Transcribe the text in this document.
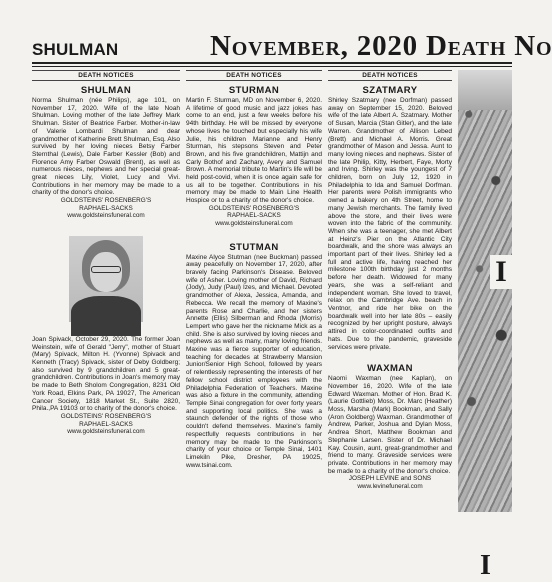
SHULMAN	November, 2020 Death No
DEATH NOTICES
SHULMAN

Norma Shulman (née Philips), age 101, on November 17, 2020. Wife of the late Noah Shulman. Loving mother of the late Jeffrey Mark Shulman. Sister of Beatrice Farber. Mother-in-law of Valerie Lombardi Shulman and dear grandmother of Katherine Brett Shulman, Esq. Also survived by her loving nieces Betsy Farber Sternthal (Lewis), Dale Farber Kessler (Bob) and Florence Amy Farber Oswald (Brent), as well as numerous nieces, nephews and her special great-great nieces Lily, Violet, Lucy and Vivi. Contributions in her memory may be made to a charity of the donor's choice.

GOLDSTEINS' ROSENBERG'S
RAPHAEL-SACKS
www.goldsteinsfuneral.com

Joan Spivack, October 29, 2020. The former Joan Weinstein, wife of Gerald "Jerry", mother of Stuart (Mary) Spivack, Milton H. (Yvonne) Spivack and Kenneth (Tracy) Spivack, sister of Deby Goldberg; also survived by 9 grandchildren and 5 great-grandchildren. Contributions in Joan's memory may be made to Beth Sholom Congregation, 8231 Old York Road, Elkins Park, PA 19027, The American Cancer Society, 1818 Market St., Suite 2820, Phila.,PA 19103 or to charity of the donor's choice.

GOLDSTEINS' ROSENBERG'S
RAPHAEL-SACKS
www.goldsteinsfuneral.com
DEATH NOTICES
STURMAN

Martin F. Sturman, MD on November 6, 2020. A lifetime of good music and jazz jokes has come to an end, just a few weeks before his 94th birthday. He will be missed by everyone whose lives he touched but especially his wife Julie, his children Marianne and Henry Sturman, his stepsons Steven and Peter Brown, and his five grandchildren, Mattijn and Carly Bothof and Zachary, Avery and Samuel Brown. A memorial tribute to Martin's life will be held post-covid, when it is once again safe for us all to be together. Contributions in his memory may be made to Main Line Health Hospice or to a charity of the donor's choice.

GOLDSTEINS' ROSENBERG'S
RAPHAEL-SACKS
www.goldsteinsfuneral.com
STUTMAN

Maxine Alyce Stutman (nee Buckman) passed away peacefully on November 17, 2020, after bravely facing Parkinson's Disease. Beloved wife of Asher. Loving mother of David, Richard (Jody), Judy (Paul) Izes, and Michael. Devoted grandmother of Alexa, Jessica, Amanda, and Rebecca. We recall the memory of Maxine's parents Rose and Charlie, and her sisters Annette (Ellis) Silberman and Rhoda (Morris) Lempert who gave her the nickname Mick as a child. She is also survived by loving nieces and nephews as well as many, many loving friends. Maxine was a fierce supporter of education, teaching for decades at Strawberry Mansion Junior/Senior High School, followed by years of relentlessly representing the interests of her fellow school district employees with the Philadelphia Federation of Teachers. Maxine was also a fixture in the community, attending Temple Sinai congregation for over forty years and supporting local politics. She was a staunch defender of the rights of those who couldn't defend themselves. Maxine's family respectfully requests contributions in her memory may be made to the Parkinson's charity of your choice or Temple Sinai, 1401 Limekiln Pike, Dresher, PA 19025, www.tsinai.com.

DEATH NOTICES
SZATMARY

Shirley Szatmary (nee Dorfman) passed away on September 15, 2020. Beloved wife of the late Albert A. Szatmary. Mother of Susan, Marcia (Stan Gitler), and the late Warren. Grandmother of Allison Lebed (Brett) and Michael A. Morris. Great grandmother of Mason and Jessa. Aunt to many loving nieces and nephews. Sister of the late Philip, Kitty, Herbert, Faye, Morty and Irving. Shirley was the youngest of 7 children, born on July 12, 1920 in Philadelphia to Ida and Samuel Dorfman. Her parents were Polish immigrants who owned a bakery on 4th Street, home to many Jewish merchants. The family lived above the store, and their lives were woven into the fabric of the community. When she was a teenager, she met Albert at Heinz's Pier on the Atlantic City boardwalk, and the shore was always an important part of their lives. Shirley led a full and active life, having reached her milestone 100th birthday just 2 months before her death. Widowed for many years, she was a self-reliant and independent woman. She loved to travel, relax on the Cambridge Ave. beach in Ventnor, and ride her bike on the boardwalk well into her late 80s – easily recognized by her upright posture, always attired in color-coordinated outfits and hats. Due to the pandemic, graveside services were private.

WAXMAN

Naomi Waxman (nee Kaplan), on November 16, 2020. Wife of the late Edward Waxman. Mother of Hon. Brad K. (Laurie Gottlieb) Moss, Dr. Marc (Heather) Moss, Marsha (Mark) Bookman, and Sally (Aron Goldberg) Waxman. Grandmother of Andrew, Parker, Joshua and Dylan Moss, Andrea Short, Matthew Bookman and Stephanie Larsen. Sister of Dr. Michael Kay. Cousin, aunt, great-grandmother and friend to many. Graveside services were private. Contributions in her memory may be made to a charity of the donor's choice.

JOSEPH LEVINE and SONS
www.levinefuneral.com
I
I
